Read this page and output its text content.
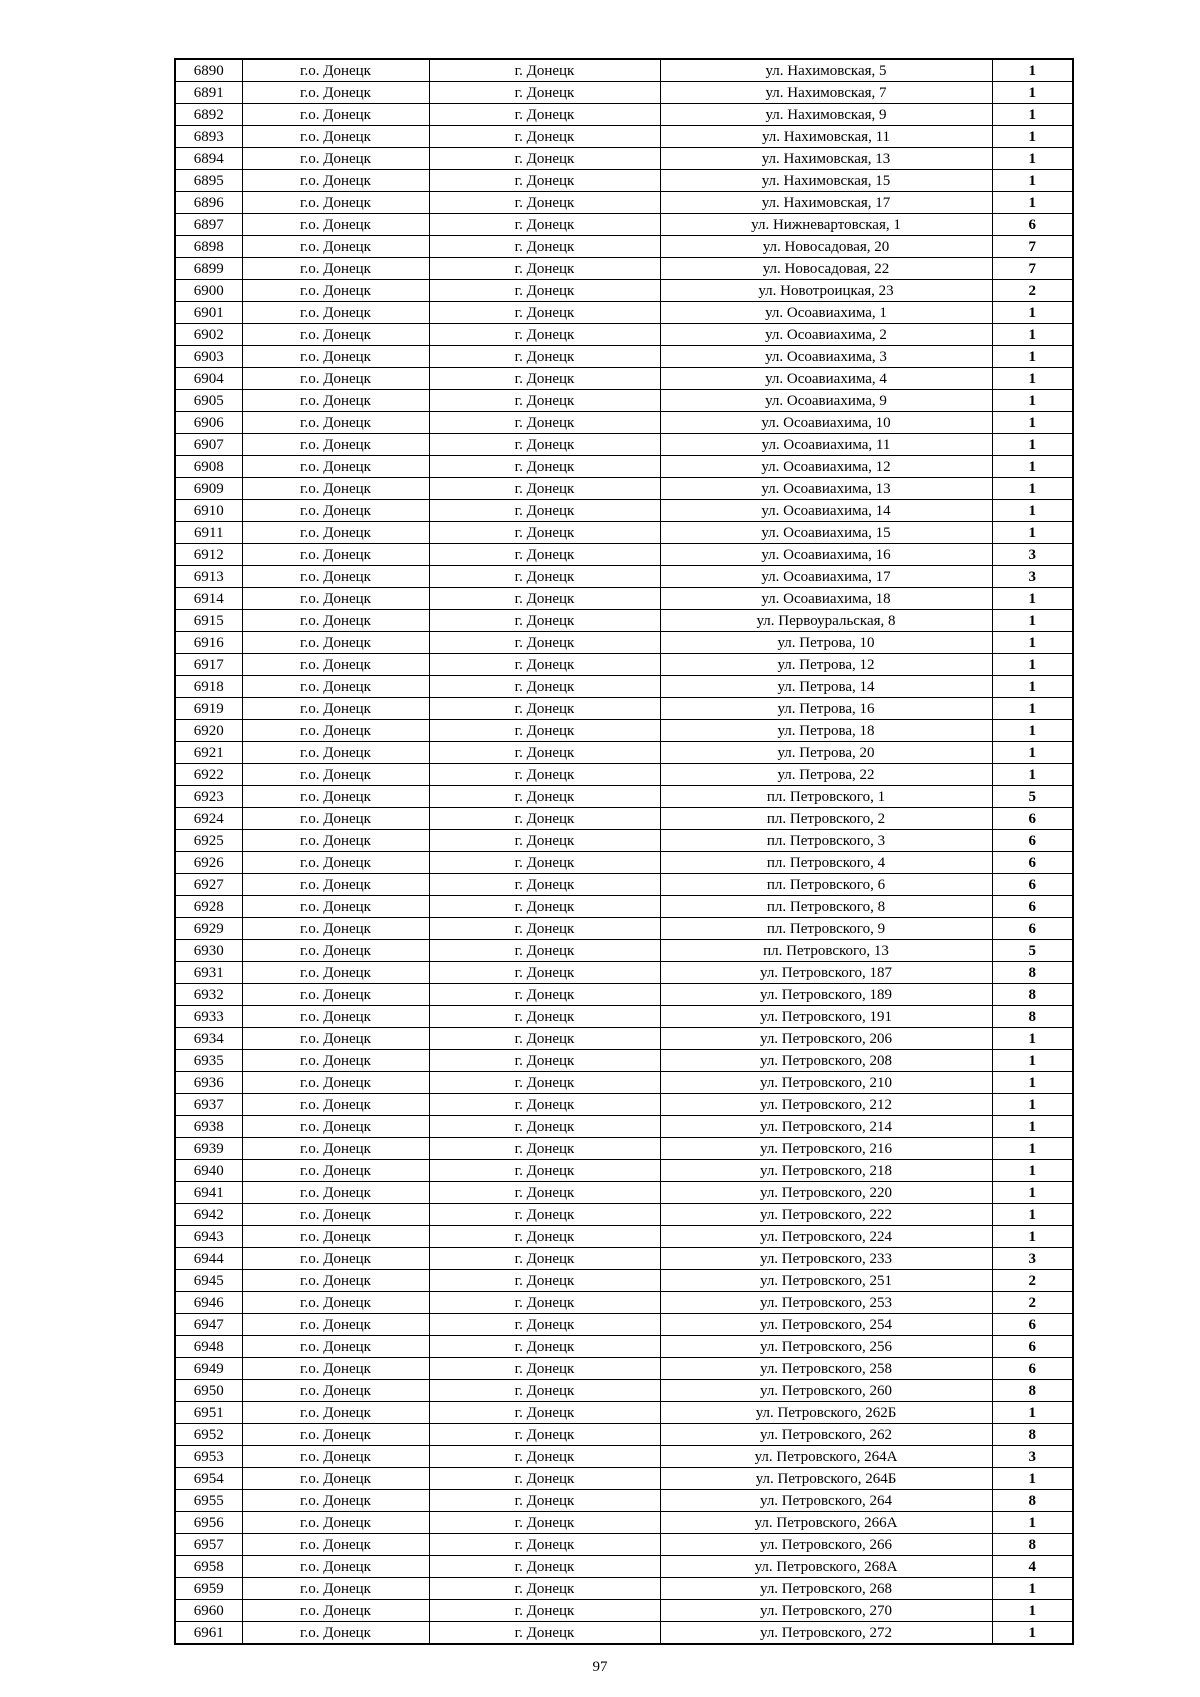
6890	г.о. Донецк	г. Донецк	ул. Нахимовская, 5	1
6891	г.о. Донецк	г. Донецк	ул. Нахимовская, 7	1
6892	г.о. Донецк	г. Донецк	ул. Нахимовская, 9	1
6893	г.о. Донецк	г. Донецк	ул. Нахимовская, 11	1
6894	г.о. Донецк	г. Донецк	ул. Нахимовская, 13	1
6895	г.о. Донецк	г. Донецк	ул. Нахимовская, 15	1
6896	г.о. Донецк	г. Донецк	ул. Нахимовская, 17	1
6897	г.о. Донецк	г. Донецк	ул. Нижневартовская, 1	6
6898	г.о. Донецк	г. Донецк	ул. Новосадовая, 20	7
6899	г.о. Донецк	г. Донецк	ул. Новосадовая, 22	7
6900	г.о. Донецк	г. Донецк	ул. Новотроицкая, 23	2
6901	г.о. Донецк	г. Донецк	ул. Осоавиахима, 1	1
6902	г.о. Донецк	г. Донецк	ул. Осоавиахима, 2	1
6903	г.о. Донецк	г. Донецк	ул. Осоавиахима, 3	1
6904	г.о. Донецк	г. Донецк	ул. Осоавиахима, 4	1
6905	г.о. Донецк	г. Донецк	ул. Осоавиахима, 9	1
6906	г.о. Донецк	г. Донецк	ул. Осоавиахима, 10	1
6907	г.о. Донецк	г. Донецк	ул. Осоавиахима, 11	1
6908	г.о. Донецк	г. Донецк	ул. Осоавиахима, 12	1
6909	г.о. Донецк	г. Донецк	ул. Осоавиахима, 13	1
6910	г.о. Донецк	г. Донецк	ул. Осоавиахима, 14	1
6911	г.о. Донецк	г. Донецк	ул. Осоавиахима, 15	1
6912	г.о. Донецк	г. Донецк	ул. Осоавиахима, 16	3
6913	г.о. Донецк	г. Донецк	ул. Осоавиахима, 17	3
6914	г.о. Донецк	г. Донецк	ул. Осоавиахима, 18	1
6915	г.о. Донецк	г. Донецк	ул. Первоуральская, 8	1
6916	г.о. Донецк	г. Донецк	ул. Петрова, 10	1
6917	г.о. Донецк	г. Донецк	ул. Петрова, 12	1
6918	г.о. Донецк	г. Донецк	ул. Петрова, 14	1
6919	г.о. Донецк	г. Донецк	ул. Петрова, 16	1
6920	г.о. Донецк	г. Донецк	ул. Петрова, 18	1
6921	г.о. Донецк	г. Донецк	ул. Петрова, 20	1
6922	г.о. Донецк	г. Донецк	ул. Петрова, 22	1
6923	г.о. Донецк	г. Донецк	пл. Петровского, 1	5
6924	г.о. Донецк	г. Донецк	пл. Петровского, 2	6
6925	г.о. Донецк	г. Донецк	пл. Петровского, 3	6
6926	г.о. Донецк	г. Донецк	пл. Петровского, 4	6
6927	г.о. Донецк	г. Донецк	пл. Петровского, 6	6
6928	г.о. Донецк	г. Донецк	пл. Петровского, 8	6
6929	г.о. Донецк	г. Донецк	пл. Петровского, 9	6
6930	г.о. Донецк	г. Донецк	пл. Петровского, 13	5
6931	г.о. Донецк	г. Донецк	ул. Петровского, 187	8
6932	г.о. Донецк	г. Донецк	ул. Петровского, 189	8
6933	г.о. Донецк	г. Донецк	ул. Петровского, 191	8
6934	г.о. Донецк	г. Донецк	ул. Петровского, 206	1
6935	г.о. Донецк	г. Донецк	ул. Петровского, 208	1
6936	г.о. Донецк	г. Донецк	ул. Петровского, 210	1
6937	г.о. Донецк	г. Донецк	ул. Петровского, 212	1
6938	г.о. Донецк	г. Донецк	ул. Петровского, 214	1
6939	г.о. Донецк	г. Донецк	ул. Петровского, 216	1
6940	г.о. Донецк	г. Донецк	ул. Петровского, 218	1
6941	г.о. Донецк	г. Донецк	ул. Петровского, 220	1
6942	г.о. Донецк	г. Донецк	ул. Петровского, 222	1
6943	г.о. Донецк	г. Донецк	ул. Петровского, 224	1
6944	г.о. Донецк	г. Донецк	ул. Петровского, 233	3
6945	г.о. Донецк	г. Донецк	ул. Петровского, 251	2
6946	г.о. Донецк	г. Донецк	ул. Петровского, 253	2
6947	г.о. Донецк	г. Донецк	ул. Петровского, 254	6
6948	г.о. Донецк	г. Донецк	ул. Петровского, 256	6
6949	г.о. Донецк	г. Донецк	ул. Петровского, 258	6
6950	г.о. Донецк	г. Донецк	ул. Петровского, 260	8
6951	г.о. Донецк	г. Донецк	ул. Петровского, 262Б	1
6952	г.о. Донецк	г. Донецк	ул. Петровского, 262	8
6953	г.о. Донецк	г. Донецк	ул. Петровского, 264А	3
6954	г.о. Донецк	г. Донецк	ул. Петровского, 264Б	1
6955	г.о. Донецк	г. Донецк	ул. Петровского, 264	8
6956	г.о. Донецк	г. Донецк	ул. Петровского, 266А	1
6957	г.о. Донецк	г. Донецк	ул. Петровского, 266	8
6958	г.о. Донецк	г. Донецк	ул. Петровского, 268А	4
6959	г.о. Донецк	г. Донецк	ул. Петровского, 268	1
6960	г.о. Донецк	г. Донецк	ул. Петровского, 270	1
6961	г.о. Донецк	г. Донецк	ул. Петровского, 272	1
97
